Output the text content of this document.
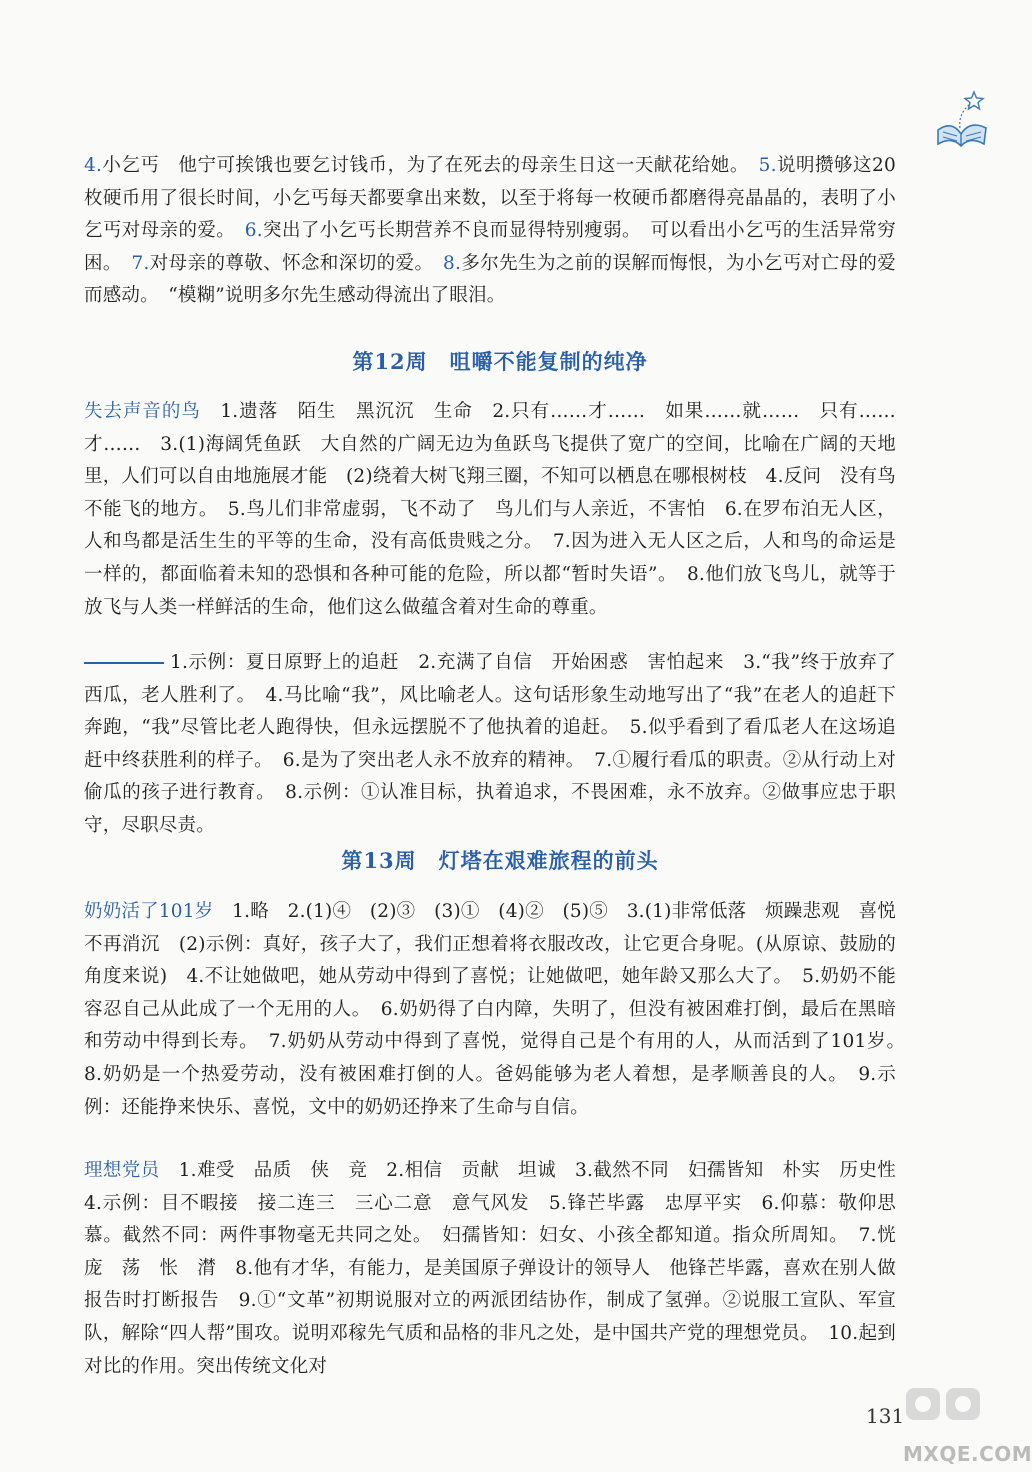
4.小乞丐　他宁可挨饿也要乞讨钱币，为了在死去的母亲生日这一天献花给她。　5.说明攒够这20枚硬币用了很长时间，小乞丐每天都要拿出来数，以至于将每一枚硬币都磨得亮晶晶的，表明了小乞丐对母亲的爱。　6.突出了小乞丐长期营养不良而显得特别瘦弱。　可以看出小乞丐的生活异常穷困。　7.对母亲的尊敬、怀念和深切的爱。　8.多尔先生为之前的误解而悔恨，为小乞丐对亡母的爱而感动。　“模糊”说明多尔先生感动得流出了眼泪。
第12周　咀嚼不能复制的纯净
失去声音的鸟　1.遗落　陌生　黑沉沉　生命　2.只有……才……　如果……就……　只有……才……　3.(1)海阔凭鱼跃　大自然的广阔无边为鱼跃鸟飞提供了宽广的空间，比喻在广阔的天地里，人们可以自由地施展才能　(2)绕着大树飞翔三圈，不知可以栖息在哪根树枝　4.反问　没有鸟不能飞的地方。　5.鸟儿们非常虚弱，飞不动了　鸟儿们与人亲近，不害怕　6.在罗布泊无人区，人和鸟都是活生生的平等的生命，没有高低贵贱之分。　7.因为进入无人区之后，人和鸟的命运是一样的，都面临着未知的恐惧和各种可能的危险，所以都“暂时失语”。　8.他们放飞鸟儿，就等于放飞与人类一样鲜活的生命，他们这么做蕴含着对生命的尊重。
1.示例：夏日原野上的追赶　2.充满了自信　开始困惑　害怕起来　3.“我”终于放弃了西瓜，老人胜利了。　4.马比喻“我”，风比喻老人。这句话形象生动地写出了“我”在老人的追赶下奔跑，“我”尽管比老人跑得快，但永远摆脱不了他执着的追赶。　5.似乎看到了看瓜老人在这场追赶中终获胜利的样子。　6.是为了突出老人永不放弃的精神。　7.①履行看瓜的职责。②从行动上对偷瓜的孩子进行教育。　8.示例：①认准目标，执着追求，不畏困难，永不放弃。②做事应忠于职守，尽职尽责。
第13周　灯塔在艰难旅程的前头
奶奶活了101岁　1.略　2.(1)④　(2)③　(3)①　(4)②　(5)⑤　3.(1)非常低落　烦躁悲观　喜悦　不再消沉　(2)示例：真好，孩子大了，我们正想着将衣服改改，让它更合身呢。(从原谅、鼓励的角度来说)　4.不让她做吧，她从劳动中得到了喜悦；让她做吧，她年龄又那么大了。　5.奶奶不能容忍自己从此成了一个无用的人。　6.奶奶得了白内障，失明了，但没有被困难打倒，最后在黑暗和劳动中得到长寿。　7.奶奶从劳动中得到了喜悦，觉得自己是个有用的人，从而活到了101岁。　8.奶奶是一个热爱劳动，没有被困难打倒的人。爸妈能够为老人着想，是孝顺善良的人。　9.示例：还能挣来快乐、喜悦，文中的奶奶还挣来了生命与自信。
理想党员　1.难受　品质　侠　竞　2.相信　贡献　坦诚　3.截然不同　妇孺皆知　朴实　历史性　4.示例：目不暇接　接二连三　三心二意　意气风发　5.锋芒毕露　忠厚平实　6.仰慕：敬仰思慕。截然不同：两件事物毫无共同之处。　妇孺皆知：妇女、小孩全都知道。指众所周知。　7.恍　庞　荡　怅　潸　8.他有才华，有能力，是美国原子弹设计的领导人　他锋芒毕露，喜欢在别人做报告时打断报告　9.①“文革”初期说服对立的两派团结协作，制成了氢弹。②说服工宣队、军宣队，解除“四人帮”围攻。说明邓稼先气质和品格的非凡之处，是中国共产党的理想党员。　10.起到对比的作用。突出传统文化对
131
MXQE.COM
